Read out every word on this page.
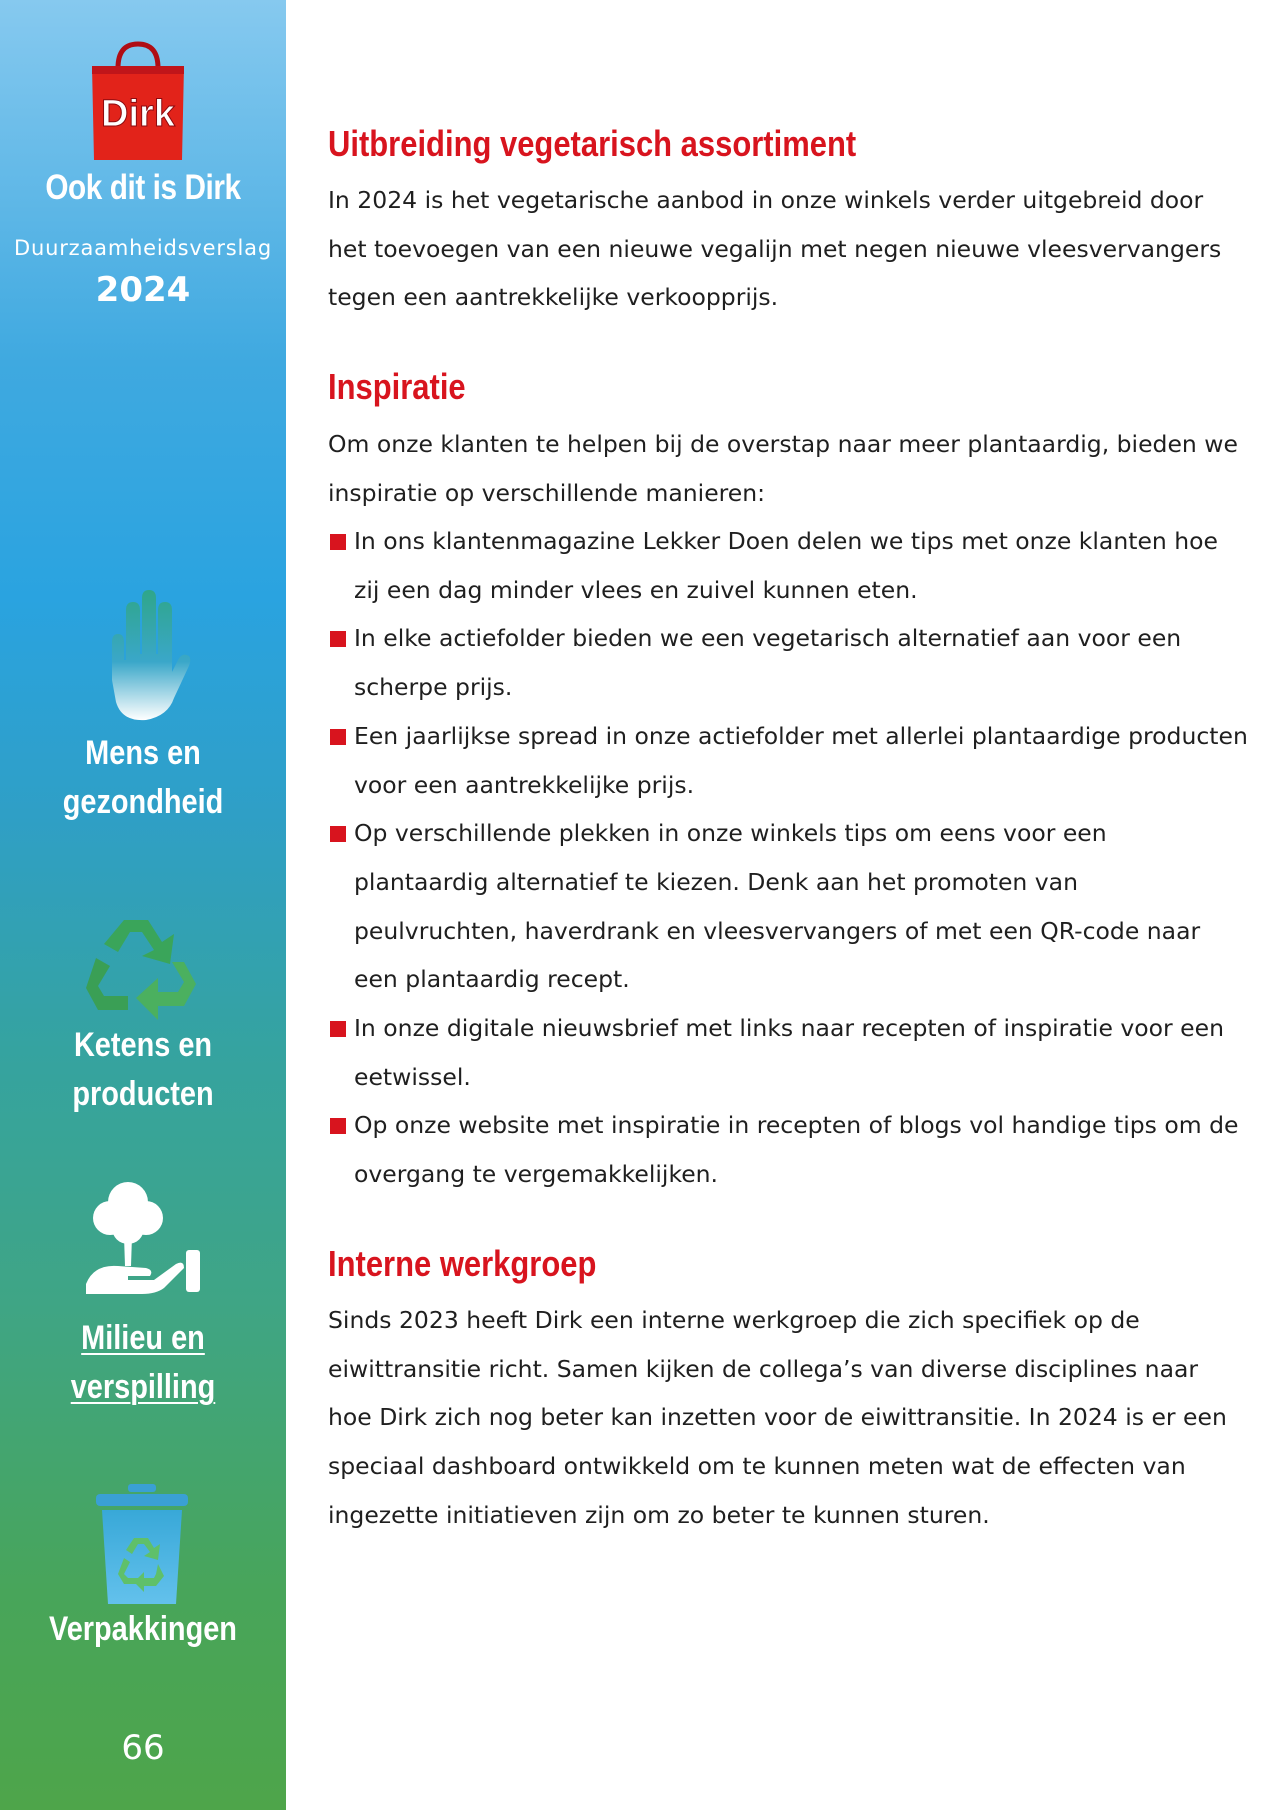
Dirk
Ook dit is Dirk
Duurzaamheidsverslag
2024
Mens en
gezondheid
Ketens en
producten
Milieu en
verspilling
Verpakkingen
66
Uitbreiding vegetarisch assortiment

In 2024 is het vegetarische aanbod in onze winkels verder uitgebreid door het toevoegen van een nieuwe vegalijn met negen nieuwe vleesvervangers tegen een aantrekkelijke verkoopprijs.

Inspiratie

Om onze klanten te helpen bij de overstap naar meer plantaardig, bieden we inspiratie op verschillende manieren:

In ons klantenmagazine Lekker Doen delen we tips met onze klanten hoe zij een dag minder vlees en zuivel kunnen eten.
In elke actiefolder bieden we een vegetarisch alternatief aan voor een scherpe prijs.
Een jaarlijkse spread in onze actiefolder met allerlei plantaardige producten voor een aantrekkelijke prijs.
Op verschillende plekken in onze winkels tips om eens voor een plantaardig alternatief te kiezen. Denk aan het promoten van peulvruchten, haverdrank en vleesvervangers of met een QR-code naar een plantaardig recept.
In onze digitale nieuwsbrief met links naar recepten of inspiratie voor een eetwissel.
Op onze website met inspiratie in recepten of blogs vol handige tips om de overgang te vergemakkelijken.
Interne werkgroep

Sinds 2023 heeft Dirk een interne werkgroep die zich specifiek op de eiwittransitie richt. Samen kijken de collega’s van diverse disciplines naar hoe Dirk zich nog beter kan inzetten voor de eiwittransitie. In 2024 is er een speciaal dashboard ontwikkeld om te kunnen meten wat de effecten van ingezette initiatieven zijn om zo beter te kunnen sturen.
